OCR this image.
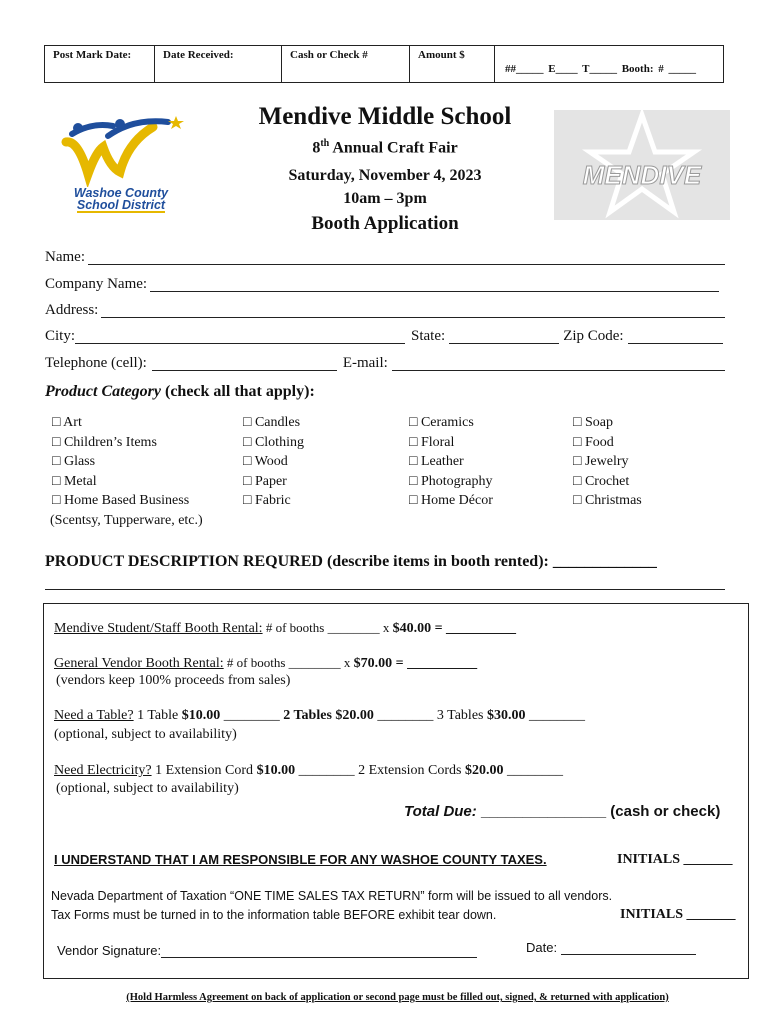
Post Mark Date:	Date Received:	Cash or Check #	Amount $
##_____ E____ T_____ Booth: # _____
Washoe County
School District
MENDIVE
Mendive Middle School
8th Annual Craft Fair
Saturday, November 4, 2023
10am – 3pm
Booth Application
Name:
Company Name:
Address:
City:	State:	Zip Code:
Telephone (cell):	E-mail:
Product Category (check all that apply):
□ Art
□ Children’s Items
□ Glass
□ Metal
□ Home Based Business
(Scentsy, Tupperware, etc.)
□ Candles
□ Clothing
□ Wood
□ Paper
□ Fabric
□ Ceramics
□ Floral
□ Leather
□ Photography
□ Home Décor
□ Soap
□ Food
□ Jewelry
□ Crochet
□ Christmas
PRODUCT DESCRIPTION REQURED (describe items in booth rented): _____________
Mendive Student/Staff Booth Rental: # of booths ________ x $40.00 = __________
General Vendor Booth Rental: # of booths ________ x $70.00 = __________
(vendors keep 100% proceeds from sales)
Need a Table? 1 Table $10.00 ________ 2 Tables $20.00 ________ 3 Tables $30.00 ________
(optional, subject to availability)
Need Electricity? 1 Extension Cord $10.00 ________ 2 Extension Cords $20.00 ________
(optional, subject to availability)
Total Due: _______________ (cash or check)
I UNDERSTAND THAT I AM RESPONSIBLE FOR ANY WASHOE COUNTY TAXES.	INITIALS _______
Nevada Department of Taxation “ONE TIME SALES TAX RETURN” form will be issued to all vendors.
Tax Forms must be turned in to the information table BEFORE exhibit tear down.	INITIALS _______
Vendor Signature:	Date:
(Hold Harmless Agreement on back of application or second page must be filled out, signed, & returned with application)
